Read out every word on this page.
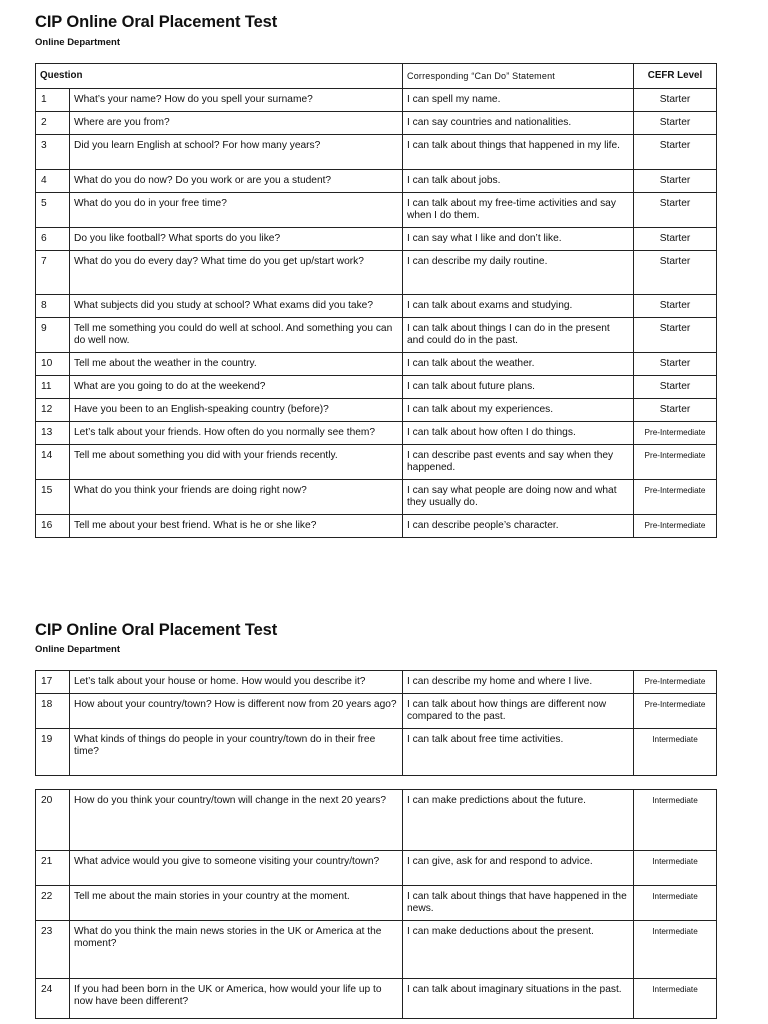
CIP Online Oral Placement Test
Online Department
Question		Corresponding “Can Do” Statement	CEFR Level
1	What’s your name? How do you spell your surname?	I can spell my name.	Starter
2	Where are you from?	I can say countries and nationalities.	Starter
3	Did you learn English at school? For how many years?	I can talk about things that happened in my life.	Starter
4	What do you do now? Do you work or are you a student?	I can talk about jobs.	Starter
5	What do you do in your free time?	I can talk about my free-time activities and say when I do them.	Starter
6	Do you like football? What sports do you like?	I can say what I like and don’t like.	Starter
7	What do you do every day? What time do you get up/start work?	I can describe my daily routine.	Starter
8	What subjects did you study at school? What exams did you take?	I can talk about exams and studying.	Starter
9	Tell me something you could do well at school. And something you can do well now.	I can talk about things I can do in the present and could do in the past.	Starter
10	Tell me about the weather in the country.	I can talk about the weather.	Starter
11	What are you going to do at the weekend?	I can talk about future plans.	Starter
12	Have you been to an English-speaking country (before)?	I can talk about my experiences.	Starter
13	Let’s talk about your friends. How often do you normally see them?	I can talk about how often I do things.	Pre-Intermediate
14	Tell me about something you did with your friends recently.	I can describe past events and say when they happened.	Pre-Intermediate
15	What do you think your friends are doing right now?	I can say what people are doing now and what they usually do.	Pre-Intermediate
16	Tell me about your best friend. What is he or she like?	I can describe people’s character.	Pre-Intermediate
CIP Online Oral Placement Test
Online Department
17	Let’s talk about your house or home. How would you describe it?	I can describe my home and where I live.	Pre-Intermediate
18	How about your country/town? How is different now from 20 years ago?	I can talk about how things are different now compared to the past.	Pre-Intermediate
19	What kinds of things do people in your country/town do in their free time?	I can talk about free time activities.	Intermediate
20	How do you think your country/town will change in the next 20 years?	I can make predictions about the future.	Intermediate
21	What advice would you give to someone visiting your country/town?	I can give, ask for and respond to advice.	Intermediate
22	Tell me about the main stories in your country at the moment.	I can talk about things that have happened in the news.	Intermediate
23	What do you think the main news stories in the UK or America at the moment?	I can make deductions about the present.	Intermediate
24	If you had been born in the UK or America, how would your life up to now have been different?	I can talk about imaginary situations in the past.	Intermediate
